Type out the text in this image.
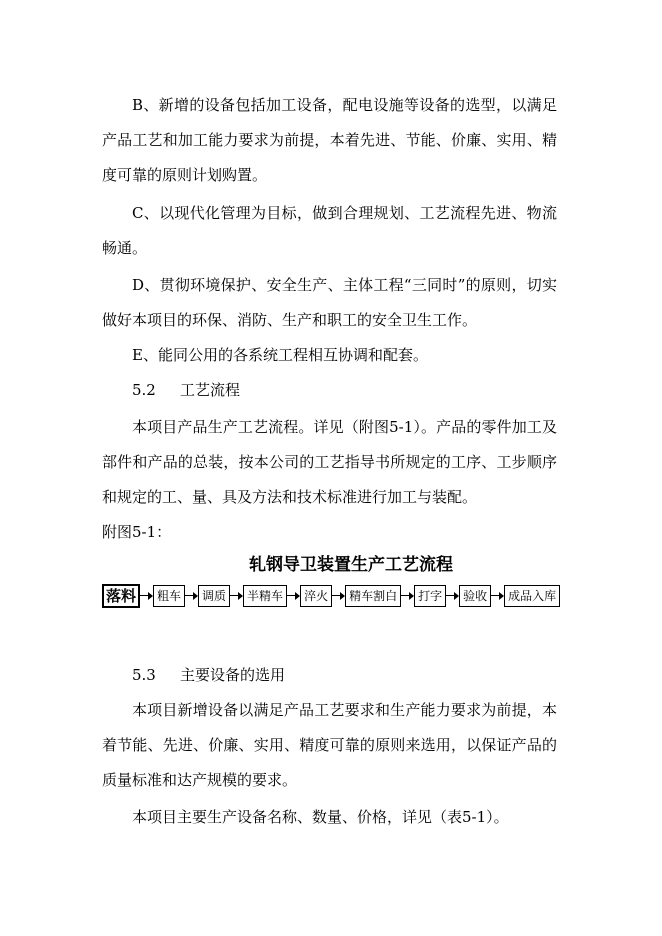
B、新增的设备包括加工设备，配电设施等设备的选型，以满足产品工艺和加工能力要求为前提，本着先进、节能、价廉、实用、精度可靠的原则计划购置。

C、以现代化管理为目标，做到合理规划、工艺流程先进、物流畅通。

D、贯彻环境保护、安全生产、主体工程“三同时”的原则，切实做好本项目的环保、消防、生产和职工的安全卫生工作。

E、能同公用的各系统工程相互协调和配套。

5.2 工艺流程

本项目产品生产工艺流程。详见（附图5-1）。产品的零件加工及部件和产品的总装，按本公司的工艺指导书所规定的工序、工步顺序和规定的工、量、具及方法和技术标准进行加工与装配。

附图5-1：

轧钢导卫装置生产工艺流程

落料	粗车	调质	半精车	淬火	精车割白	打字	验收	成品入库

5.3 主要设备的选用

本项目新增设备以满足产品工艺要求和生产能力要求为前提，本着节能、先进、价廉、实用、精度可靠的原则来选用，以保证产品的质量标准和达产规模的要求。

本项目主要生产设备名称、数量、价格，详见（表5-1）。
